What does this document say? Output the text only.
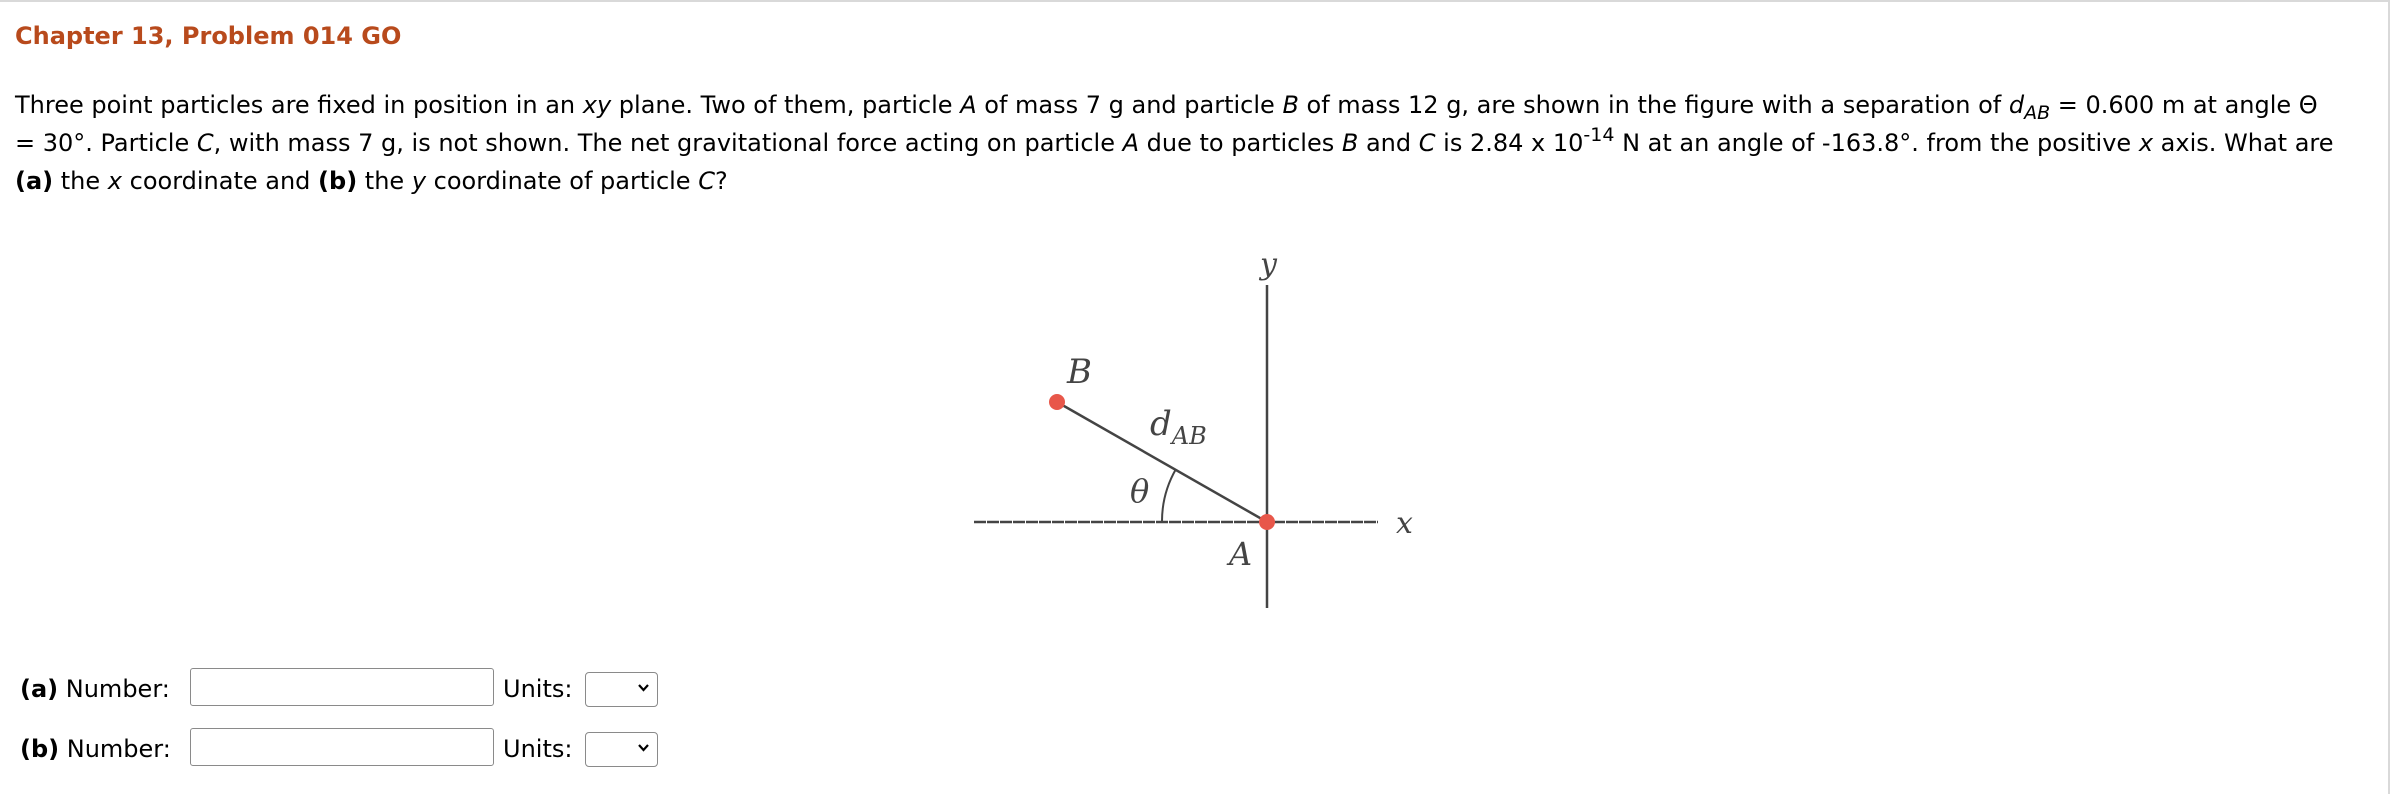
Chapter 13, Problem 014 GO
Three point particles are fixed in position in an xy plane. Two of them, particle A of mass 7 g and particle B of mass 12 g, are shown in the figure with a separation of $d_{AB} = 0.600$ m at angle Θ
= 30°. Particle C, with mass 7 g, is not shown. The net gravitational force acting on particle A due to particles B and C is 2.84 x $10^{-14}$ N at an angle of -163.8°. from the positive x axis. What are
(a) the x coordinate and (b) the y coordinate of particle C?
y
x
B
A
θ
$d_{AB}$
(a) Number:	Units:
(b) Number:	Units:
